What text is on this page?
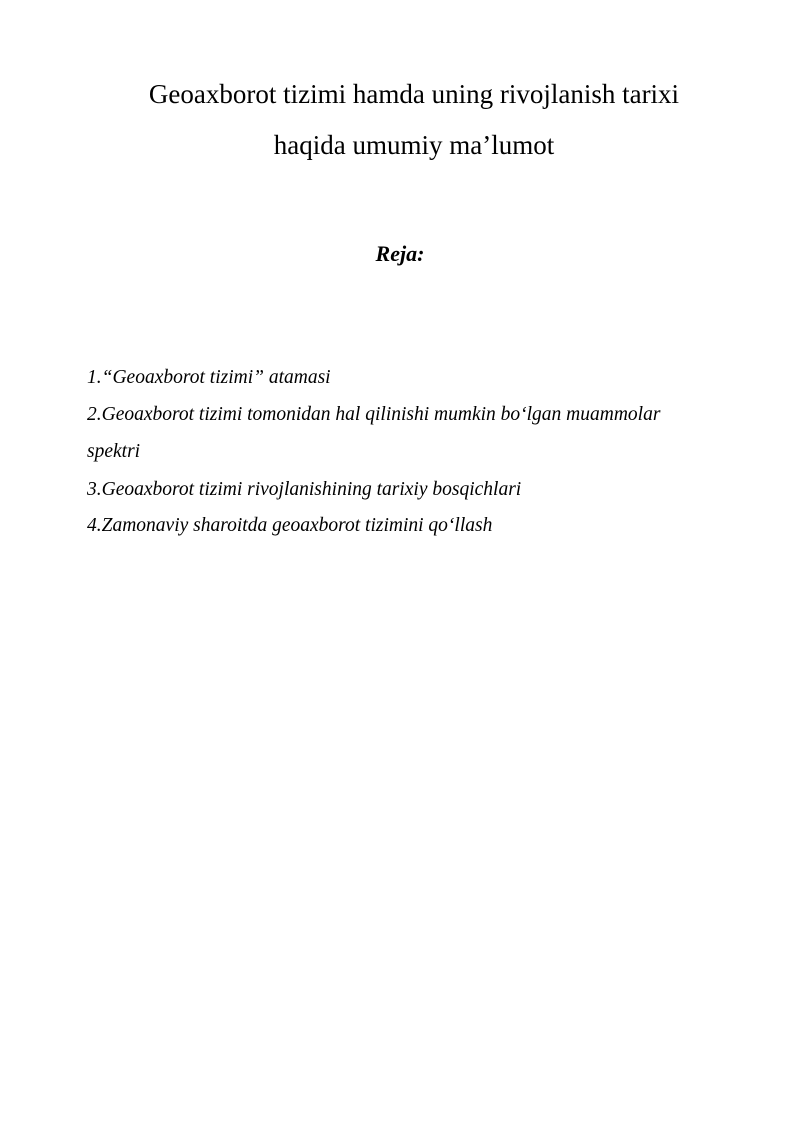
Geoaxborot tizimi hamda uning rivojlanish tarixi
haqida umumiy ma’lumot
Reja:
1.“Geoaxborot tizimi” atamasi
2.Geoaxborot tizimi tomonidan hal qilinishi mumkin bo‘lgan muammolar
spektri
3.Geoaxborot tizimi rivojlanishining tarixiy bosqichlari
4.Zamonaviy sharoitda geoaxborot tizimini qo‘llash
